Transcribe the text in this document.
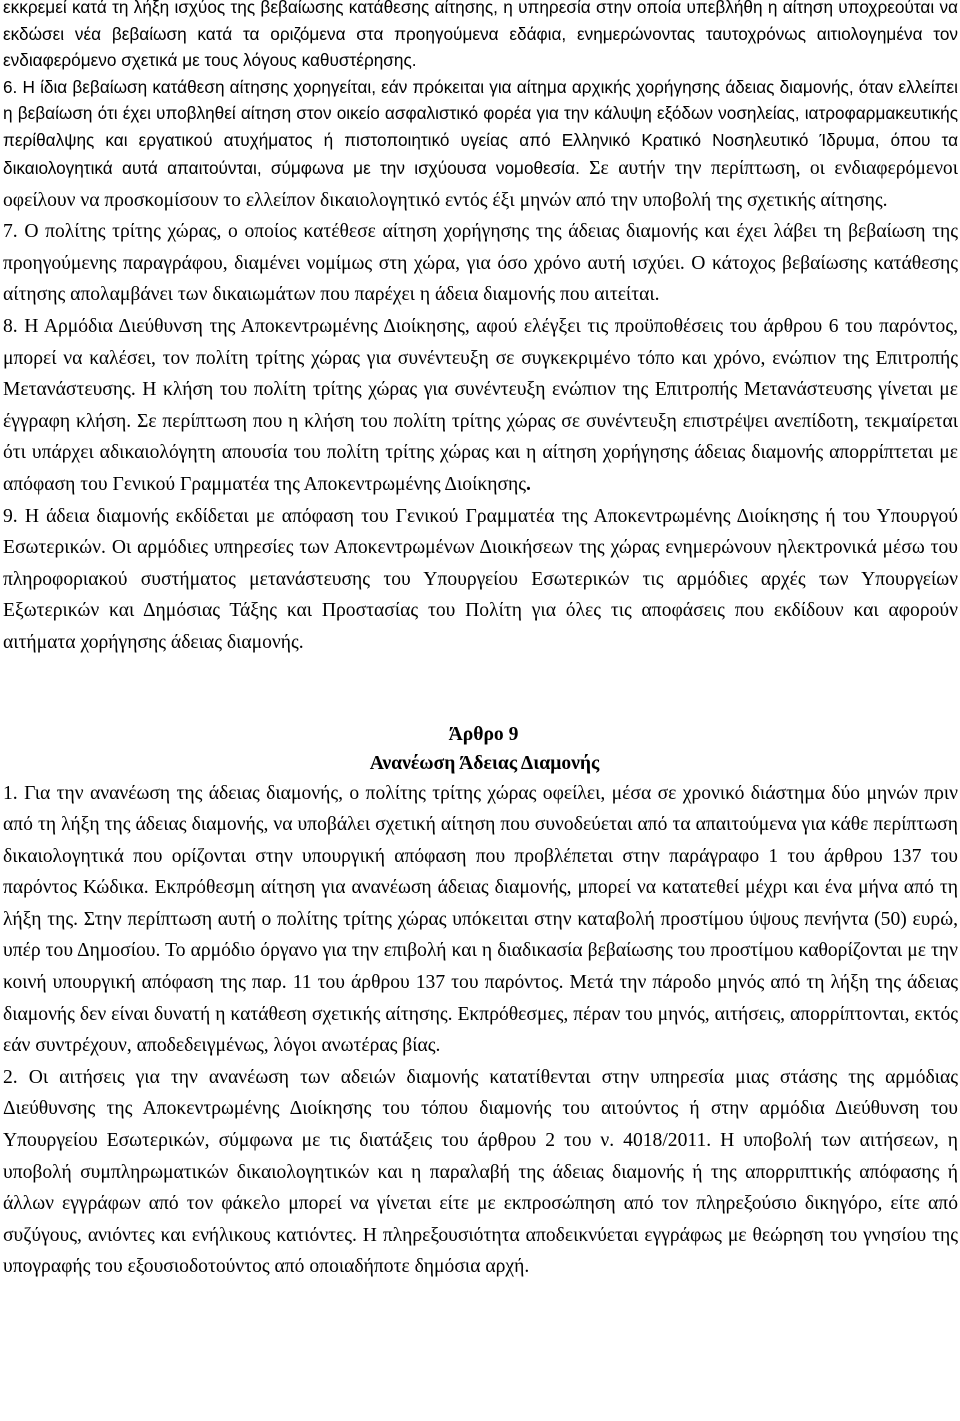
εκκρεμεί κατά τη λήξη ισχύος της βεβαίωσης κατάθεσης αίτησης, η υπηρεσία στην οποία υπεβλήθη η αίτηση υποχρεούται να εκδώσει νέα βεβαίωση κατά τα οριζόμενα στα προηγούμενα εδάφια, ενημερώνοντας ταυτοχρόνως αιτιολογημένα τον ενδιαφερόμενο σχετικά με τους λόγους καθυστέρησης.

6. Η ίδια βεβαίωση κατάθεση αίτησης χορηγείται, εάν πρόκειται για αίτημα αρχικής χορήγησης άδειας διαμονής, όταν ελλείπει η βεβαίωση ότι έχει υποβληθεί αίτηση στον οικείο ασφαλιστικό φορέα για την κάλυψη εξόδων νοσηλείας, ιατροφαρμακευτικής περίθαλψης και εργατικού ατυχήματος ή πιστοποιητικό υγείας από Ελληνικό Κρατικό Νοσηλευτικό Ίδρυμα, όπου τα δικαιολογητικά αυτά απαιτούνται, σύμφωνα με την ισχύουσα νομοθεσία. Σε αυτήν την περίπτωση, οι ενδιαφερόμενοι οφείλουν να προσκομίσουν το ελλείπον δικαιολογητικό εντός έξι μηνών από την υποβολή της σχετικής αίτησης.

7. Ο πολίτης τρίτης χώρας, ο οποίος κατέθεσε αίτηση χορήγησης της άδειας διαμονής και έχει λάβει τη βεβαίωση της προηγούμενης παραγράφου, διαμένει νομίμως στη χώρα, για όσο χρόνο αυτή ισχύει. Ο κάτοχος βεβαίωσης κατάθεσης αίτησης απολαμβάνει των δικαιωμάτων που παρέχει η άδεια διαμονής που αιτείται.

8. Η Αρμόδια Διεύθυνση της Αποκεντρωμένης Διοίκησης, αφού ελέγξει τις προϋποθέσεις του άρθρου 6 του παρόντος, μπορεί να καλέσει, τον πολίτη τρίτης χώρας για συνέντευξη σε συγκεκριμένο τόπο και χρόνο, ενώπιον της Επιτροπής Μετανάστευσης. Η κλήση του πολίτη τρίτης χώρας για συνέντευξη ενώπιον της Επιτροπής Μετανάστευσης γίνεται με έγγραφη κλήση. Σε περίπτωση που η κλήση του πολίτη τρίτης χώρας σε συνέντευξη επιστρέψει ανεπίδοτη, τεκμαίρεται ότι υπάρχει αδικαιολόγητη απουσία του πολίτη τρίτης χώρας και η αίτηση χορήγησης άδειας διαμονής απορρίπτεται με απόφαση του Γενικού Γραμματέα της Αποκεντρωμένης Διοίκησης.

9. Η άδεια διαμονής εκδίδεται με απόφαση του Γενικού Γραμματέα της Αποκεντρωμένης Διοίκησης ή του Υπουργού Εσωτερικών. Οι αρμόδιες υπηρεσίες των Αποκεντρωμένων Διοικήσεων της χώρας ενημερώνουν ηλεκτρονικά μέσω του πληροφοριακού συστήματος μετανάστευσης του Υπουργείου Εσωτερικών τις αρμόδιες αρχές των Υπουργείων Εξωτερικών και Δημόσιας Τάξης και Προστασίας του Πολίτη για όλες τις αποφάσεις που εκδίδουν και αφορούν αιτήματα χορήγησης άδειας διαμονής.

Άρθρο 9

Ανανέωση Άδειας Διαμονής

1. Για την ανανέωση της άδειας διαμονής, ο πολίτης τρίτης χώρας οφείλει, μέσα σε χρονικό διάστημα δύο μηνών πριν από τη λήξη της άδειας διαμονής, να υποβάλει σχετική αίτηση που συνοδεύεται από τα απαιτούμενα για κάθε περίπτωση δικαιολογητικά που ορίζονται στην υπουργική απόφαση που προβλέπεται στην παράγραφο 1 του άρθρου 137 του παρόντος Κώδικα. Εκπρόθεσμη αίτηση για ανανέωση άδειας διαμονής, μπορεί να κατατεθεί μέχρι και ένα μήνα από τη λήξη της. Στην περίπτωση αυτή ο πολίτης τρίτης χώρας υπόκειται στην καταβολή προστίμου ύψους πενήντα (50) ευρώ, υπέρ του Δημοσίου. Το αρμόδιο όργανο για την επιβολή και η διαδικασία βεβαίωσης του προστίμου καθορίζονται με την κοινή υπουργική απόφαση της παρ. 11 του άρθρου 137 του παρόντος. Μετά την πάροδο μηνός από τη λήξη της άδειας διαμονής δεν είναι δυνατή η κατάθεση σχετικής αίτησης. Εκπρόθεσμες, πέραν του μηνός, αιτήσεις, απορρίπτονται, εκτός εάν συντρέχουν, αποδεδειγμένως, λόγοι ανωτέρας βίας.

2. Οι αιτήσεις για την ανανέωση των αδειών διαμονής κατατίθενται στην υπηρεσία μιας στάσης της αρμόδιας Διεύθυνσης της Αποκεντρωμένης Διοίκησης του τόπου διαμονής του αιτούντος ή στην αρμόδια Διεύθυνση του Υπουργείου Εσωτερικών, σύμφωνα με τις διατάξεις του άρθρου 2 του ν. 4018/2011. Η υποβολή των αιτήσεων, η υποβολή συμπληρωματικών δικαιολογητικών και η παραλαβή της άδειας διαμονής ή της απορριπτικής απόφασης ή άλλων εγγράφων από τον φάκελο μπορεί να γίνεται είτε με εκπροσώπηση από τον πληρεξούσιο δικηγόρο, είτε από συζύγους, ανιόντες και ενήλικους κατιόντες. Η πληρεξουσιότητα αποδεικνύεται εγγράφως με θεώρηση του γνησίου της υπογραφής του εξουσιοδοτούντος από οποιαδήποτε δημόσια αρχή.
